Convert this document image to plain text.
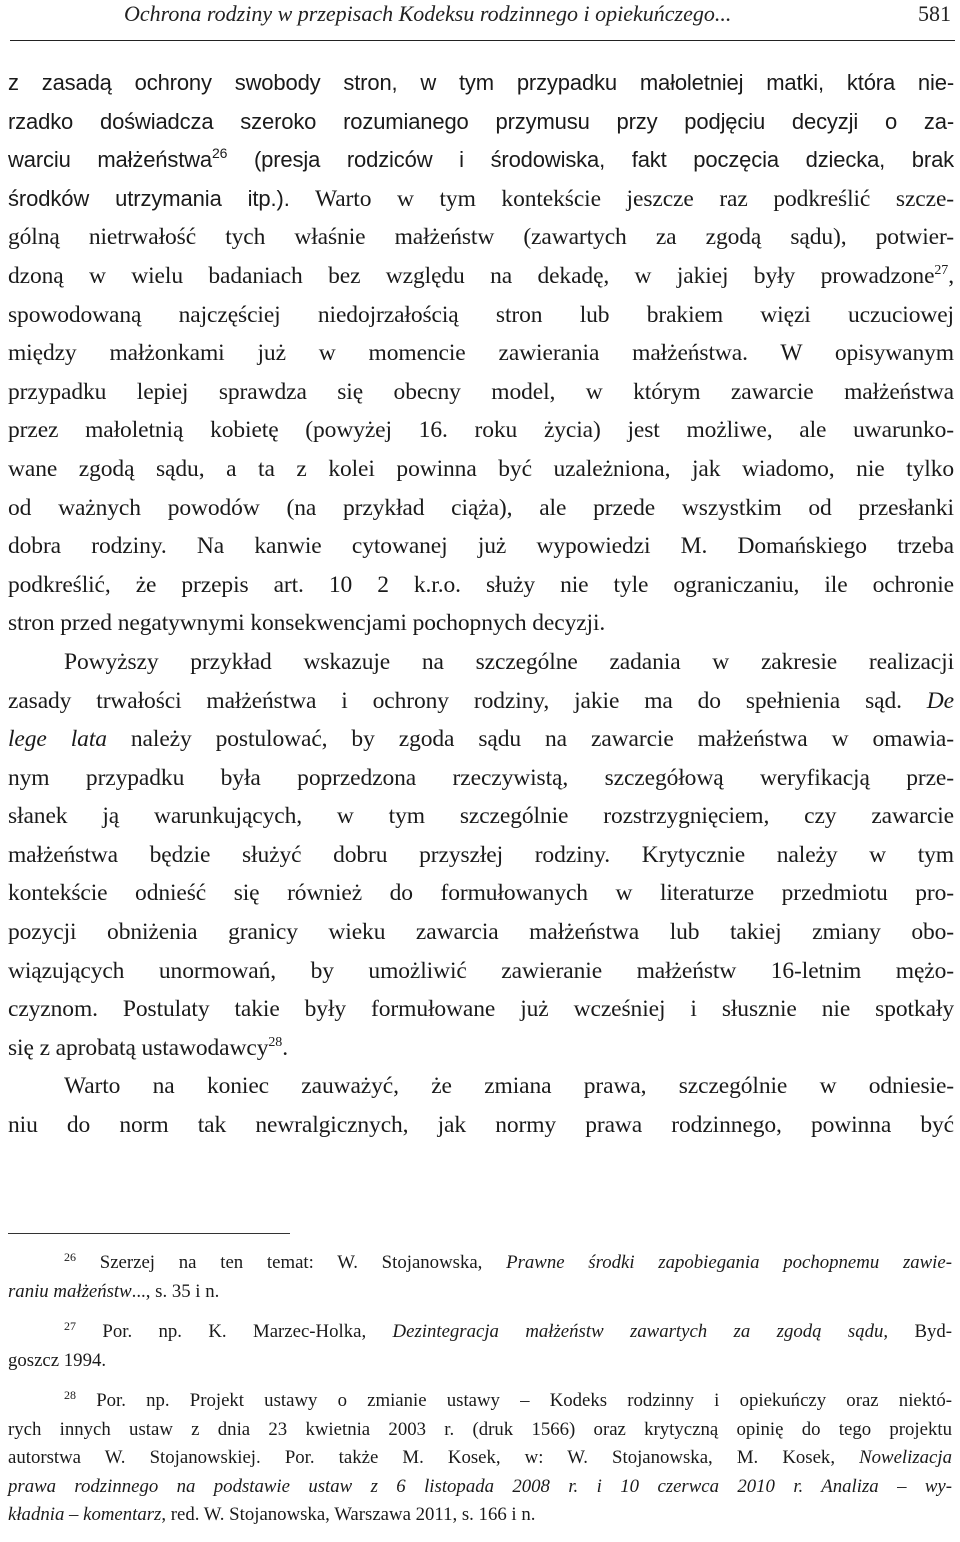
Ochrona rodziny w przepisach Kodeksu rodzinnego i opiekuńczego...	581
z zasadą ochrony swobody stron, w tym przypadku małoletniej matki, która nie-
rzadko doświadcza szeroko rozumianego przymusu przy podjęciu decyzji o za-
warciu małżeństwa$^{26}$ (presja rodziców i środowiska, fakt poczęcia dziecka, brak
środków utrzymania itp.). Warto w tym kontekście jeszcze raz podkreślić szcze-
gólną nietrwałość tych właśnie małżeństw (zawartych za zgodą sądu), potwier-
dzoną w wielu badaniach bez względu na dekadę, w jakiej były prowadzone$^{27}$,
spowodowaną najczęściej niedojrzałością stron lub brakiem więzi uczuciowej
między małżonkami już w momencie zawierania małżeństwa. W opisywanym
przypadku lepiej sprawdza się obecny model, w którym zawarcie małżeństwa
przez małoletnią kobietę (powyżej 16. roku życia) jest możliwe, ale uwarunko-
wane zgodą sądu, a ta z kolei powinna być uzależniona, jak wiadomo, nie tylko
od ważnych powodów (na przykład ciąża), ale przede wszystkim od przesłanki
dobra rodziny. Na kanwie cytowanej już wypowiedzi M. Domańskiego trzeba
podkreślić, że przepis art. 10 2 k.r.o. służy nie tyle ograniczaniu, ile ochronie
stron przed negatywnymi konsekwencjami pochopnych decyzji.
Powyższy przykład wskazuje na szczególne zadania w zakresie realizacji
zasady trwałości małżeństwa i ochrony rodziny, jakie ma do spełnienia sąd. De
lege lata należy postulować, by zgoda sądu na zawarcie małżeństwa w omawia-
nym przypadku była poprzedzona rzeczywistą, szczegółową weryfikacją prze-
słanek ją warunkujących, w tym szczególnie rozstrzygnięciem, czy zawarcie
małżeństwa będzie służyć dobru przyszłej rodziny. Krytycznie należy w tym
kontekście odnieść się również do formułowanych w literaturze przedmiotu pro-
pozycji obniżenia granicy wieku zawarcia małżeństwa lub takiej zmiany obo-
wiązujących unormowań, by umożliwić zawieranie małżeństw 16-letnim mężo-
czyznom. Postulaty takie były formułowane już wcześniej i słusznie nie spotkały
się z aprobatą ustawodawcy$^{28}$.
Warto na koniec zauważyć, że zmiana prawa, szczególnie w odniesie-
niu do norm tak newralgicznych, jak normy prawa rodzinnego, powinna być
$^{26}$ Szerzej na ten temat: W. Stojanowska, Prawne środki zapobiegania pochopnemu zawie-
raniu małżeństw..., s. 35 i n.
$^{27}$ Por. np. K. Marzec-Holka, Dezintegracja małżeństw zawartych za zgodą sądu, Byd-
goszcz 1994.
$^{28}$ Por. np. Projekt ustawy o zmianie ustawy – Kodeks rodzinny i opiekuńczy oraz niektó-
rych innych ustaw z dnia 23 kwietnia 2003 r. (druk 1566) oraz krytyczną opinię do tego projektu
autorstwa W. Stojanowskiej. Por. także M. Kosek, w: W. Stojanowska, M. Kosek, Nowelizacja
prawa rodzinnego na podstawie ustaw z 6 listopada 2008 r. i 10 czerwca 2010 r. Analiza – wy-
kładnia – komentarz, red. W. Stojanowska, Warszawa 2011, s. 166 i n.
